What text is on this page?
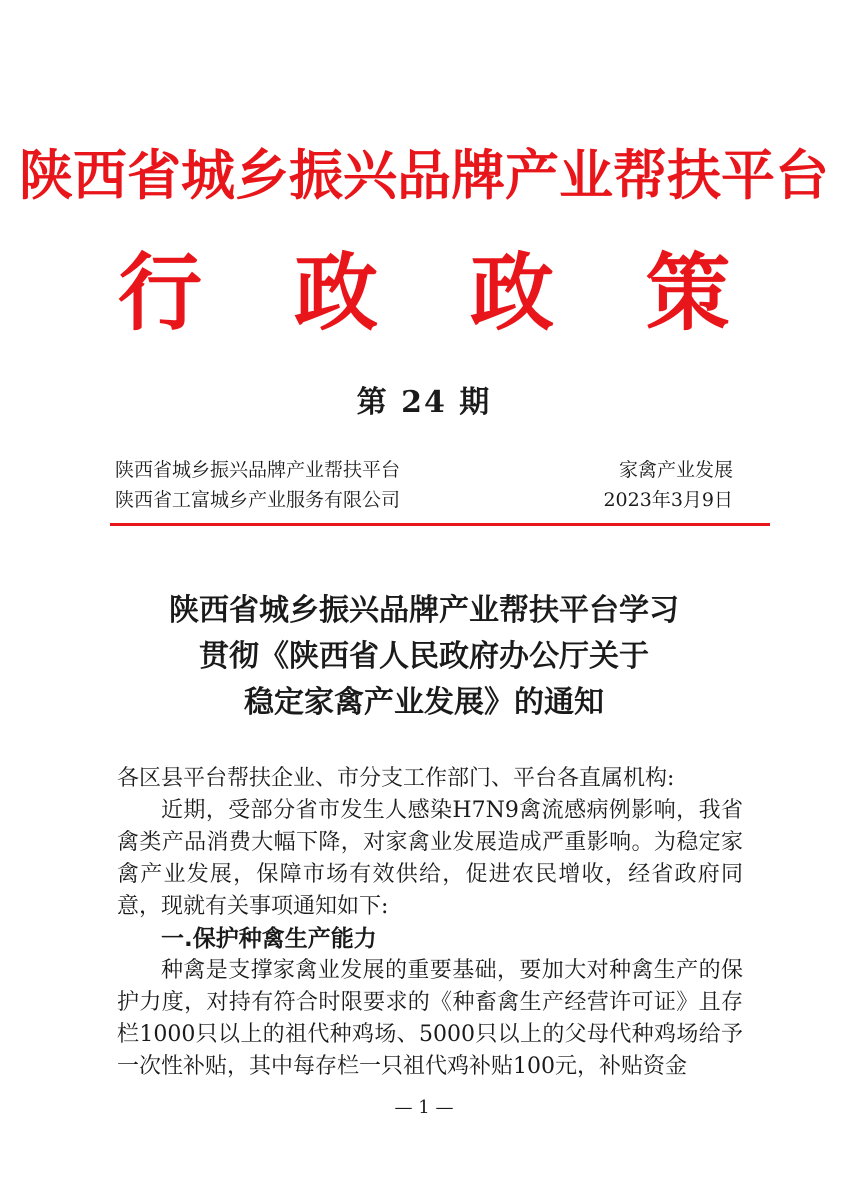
陕西省城乡振兴品牌产业帮扶平台
行 政 政 策
第 24 期
陕西省城乡振兴品牌产业帮扶平台
陕西省工富城乡产业服务有限公司
家禽产业发展
2023年3月9日
陕西省城乡振兴品牌产业帮扶平台学习
贯彻《陕西省人民政府办公厅关于
稳定家禽产业发展》的通知

各区县平台帮扶企业、市分支工作部门、平台各直属机构:

近期，受部分省市发生人感染H7N9禽流感病例影响，我省禽类产品消费大幅下降，对家禽业发展造成严重影响。为稳定家禽产业发展，保障市场有效供给，促进农民增收，经省政府同意，现就有关事项通知如下:

一.保护种禽生产能力

种禽是支撑家禽业发展的重要基础，要加大对种禽生产的保护力度，对持有符合时限要求的《种畜禽生产经营许可证》且存栏1000只以上的祖代种鸡场、5000只以上的父母代种鸡场给予一次性补贴，其中每存栏一只祖代鸡补贴100元，补贴资金

— 1 —
